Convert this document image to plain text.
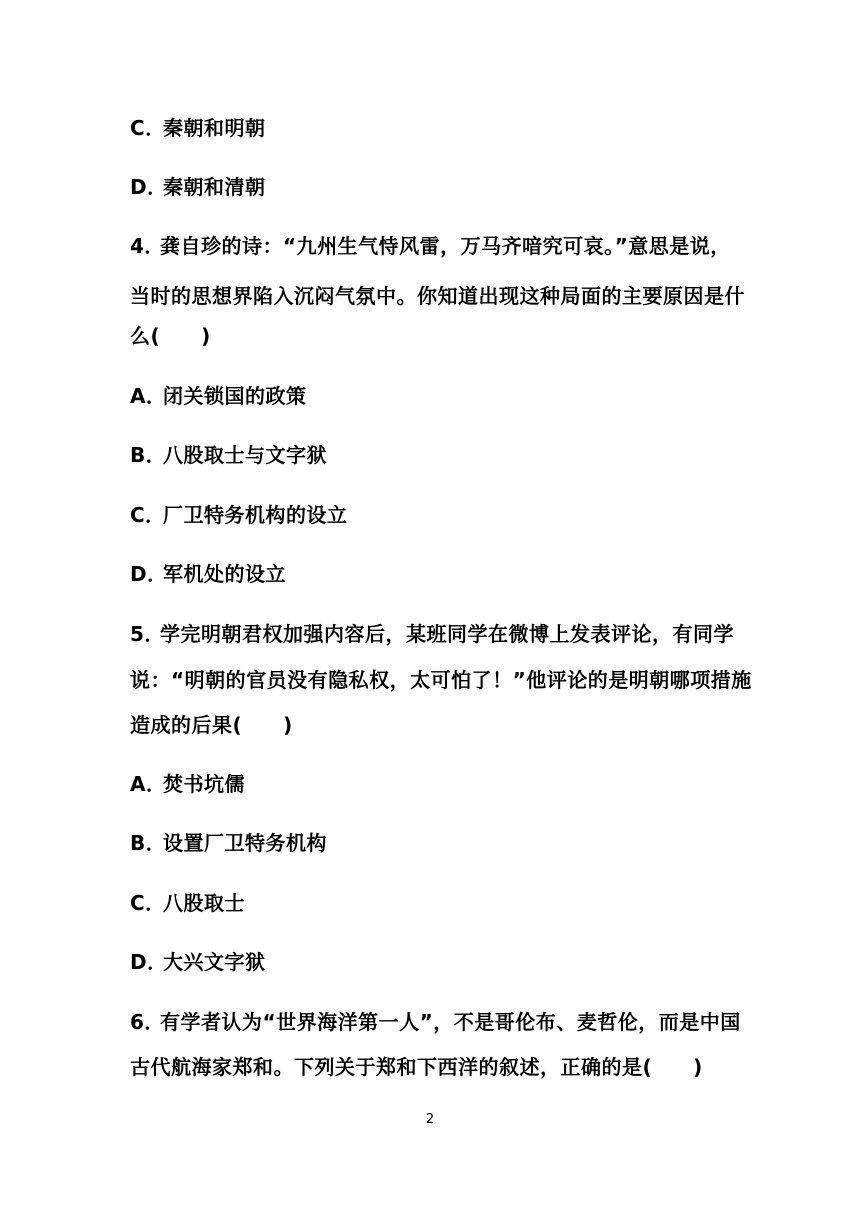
C．秦朝和明朝
D．秦朝和清朝
4．龚自珍的诗：“九州生气恃风雷，万马齐喑究可哀。”意思是说，
当时的思想界陷入沉闷气氛中。你知道出现这种局面的主要原因是什
么(　　)
A．闭关锁国的政策
B．八股取士与文字狱
C．厂卫特务机构的设立
D．军机处的设立
5．学完明朝君权加强内容后，某班同学在微博上发表评论，有同学
说：“明朝的官员没有隐私权，太可怕了！”他评论的是明朝哪项措施
造成的后果(　　)
A．焚书坑儒
B．设置厂卫特务机构
C．八股取士
D．大兴文字狱
6．有学者认为“世界海洋第一人”，不是哥伦布、麦哲伦，而是中国
古代航海家郑和。下列关于郑和下西洋的叙述，正确的是(　　)
2
